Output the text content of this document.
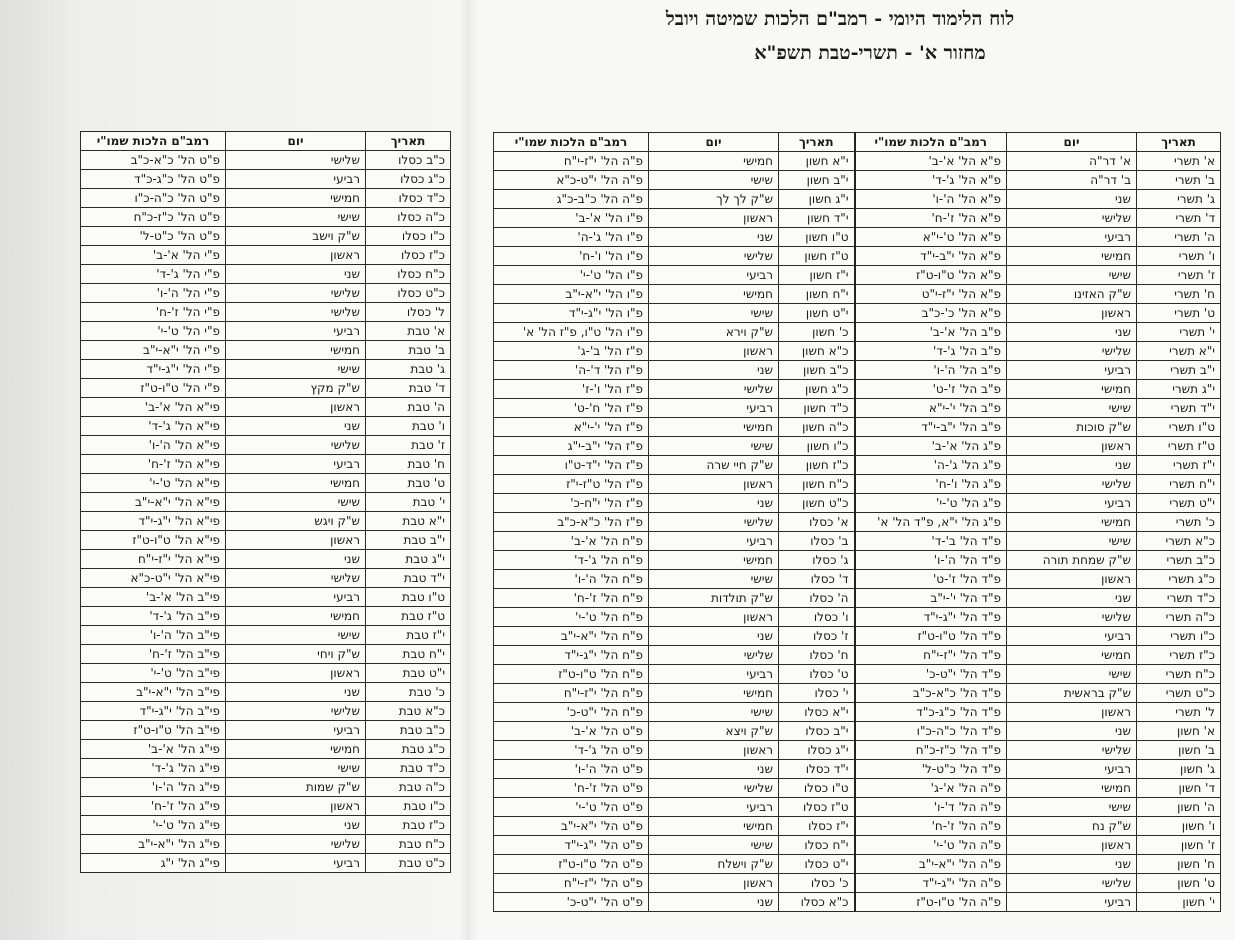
לוח הלימוד היומי - רמב"ם הלכות שמיטה ויובל
מחזור א' - תשרי-טבת תשפ"א
תאריך	יום	רמב"ם הלכות שמו"י
כ"ב כסלו	שלישי	פ"ט הל' כ"א-כ"ב
כ"ג כסלו	רביעי	פ"ט הל' כ"ג-כ"ד
כ"ד כסלו	חמישי	פ"ט הל' כ"ה-כ"ו
כ"ה כסלו	שישי	פ"ט הל' כ"ז-כ"ח
כ"ו כסלו	ש"ק וישב	פ"ט הל' כ"ט-ל'
כ"ז כסלו	ראשון	פ"י הל' א'-ב'
כ"ח כסלו	שני	פ"י הל' ג'-ד'
כ"ט כסלו	שלישי	פ"י הל' ה'-ו'
ל' כסלו	שלישי	פ"י הל' ז'-ח'
א' טבת	רביעי	פ"י הל' ט'-י'
ב' טבת	חמישי	פ"י הל' י"א-י"ב
ג' טבת	שישי	פ"י הל' י"ג-י"ד
ד' טבת	ש"ק מקץ	פ"י הל' ט"ו-ט"ז
ה' טבת	ראשון	פי"א הל' א'-ב'
ו' טבת	שני	פי"א הל' ג'-ד'
ז' טבת	שלישי	פי"א הל' ה'-ו'
ח' טבת	רביעי	פי"א הל' ז'-ח'
ט' טבת	חמישי	פי"א הל' ט'-י'
י' טבת	שישי	פי"א הל' י"א-י"ב
י"א טבת	ש"ק ויגש	פי"א הל' י"ג-י"ד
י"ב טבת	ראשון	פי"א הל' ט"ו-ט"ז
י"ג טבת	שני	פי"א הל' י"ז-י"ח
י"ד טבת	שלישי	פי"א הל' י"ט-כ"א
ט"ו טבת	רביעי	פי"ב הל' א'-ב'
ט"ז טבת	חמישי	פי"ב הל' ג'-ד'
י"ז טבת	שישי	פי"ב הל' ה'-ו'
י"ח טבת	ש"ק ויחי	פי"ב הל' ז'-ח'
י"ט טבת	ראשון	פי"ב הל' ט'-י'
כ' טבת	שני	פי"ב הל' י"א-י"ב
כ"א טבת	שלישי	פי"ב הל' י"ג-י"ד
כ"ב טבת	רביעי	פי"ב הל' ט"ו-ט"ז
כ"ג טבת	חמישי	פי"ג הל' א'-ב'
כ"ד טבת	שישי	פי"ג הל' ג'-ד'
כ"ה טבת	ש"ק שמות	פי"ג הל' ה'-ו'
כ"ו טבת	ראשון	פי"ג הל' ז'-ח'
כ"ז טבת	שני	פי"ג הל' ט'-י'
כ"ח טבת	שלישי	פי"ג הל' י"א-י"ב
כ"ט טבת	רביעי	פי"ג הל' י"ג
תאריך	יום	רמב"ם הלכות שמו"י	תאריך	יום	רמב"ם הלכות שמו"י
א' תשרי	א' דר"ה	פ"א הל' א'-ב'	י"א חשון	חמישי	פ"ה הל' י"ז-י"ח
ב' תשרי	ב' דר"ה	פ"א הל' ג'-ד'	י"ב חשון	שישי	פ"ה הל' י"ט-כ"א
ג' תשרי	שני	פ"א הל' ה'-ו'	י"ג חשון	ש"ק לך לך	פ"ה הל' כ"ב-כ"ג
ד' תשרי	שלישי	פ"א הל' ז'-ח'	י"ד חשון	ראשון	פ"ו הל' א'-ב'
ה' תשרי	רביעי	פ"א הל' ט'-י"א	ט"ו חשון	שני	פ"ו הל' ג'-ה'
ו' תשרי	חמישי	פ"א הל' י"ב-י"ד	ט"ז חשון	שלישי	פ"ו הל' ו'-ח'
ז' תשרי	שישי	פ"א הל' ט"ו-ט"ז	י"ז חשון	רביעי	פ"ו הל' ט'-י'
ח' תשרי	ש"ק האזינו	פ"א הל' י"ז-י"ט	י"ח חשון	חמישי	פ"ו הל' י"א-י"ב
ט' תשרי	ראשון	פ"א הל' כ'-כ"ב	י"ט חשון	שישי	פ"ו הל' י"ג-י"ד
י' תשרי	שני	פ"ב הל' א'-ב'	כ' חשון	ש"ק וירא	פ"ו הל' ט"ו, פ"ז הל' א'
י"א תשרי	שלישי	פ"ב הל' ג'-ד'	כ"א חשון	ראשון	פ"ז הל' ב'-ג'
י"ב תשרי	רביעי	פ"ב הל' ה'-ו'	כ"ב חשון	שני	פ"ז הל' ד'-ה'
י"ג תשרי	חמישי	פ"ב הל' ז'-ט'	כ"ג חשון	שלישי	פ"ז הל' ו'-ז'
י"ד תשרי	שישי	פ"ב הל' י'-י"א	כ"ד חשון	רביעי	פ"ז הל' ח'-ט'
ט"ו תשרי	ש"ק סוכות	פ"ב הל' י"ב-י"ד	כ"ה חשון	חמישי	פ"ז הל' י'-י"א
ט"ז תשרי	ראשון	פ"ג הל' א'-ב'	כ"ו חשון	שישי	פ"ז הל' י"ב-י"ג
י"ז תשרי	שני	פ"ג הל' ג'-ה'	כ"ז חשון	ש"ק חיי שרה	פ"ז הל' י"ד-ט"ו
י"ח תשרי	שלישי	פ"ג הל' ו'-ח'	כ"ח חשון	ראשון	פ"ז הל' ט"ז-י"ז
י"ט תשרי	רביעי	פ"ג הל' ט'-י'	כ"ט חשון	שני	פ"ז הל' י"ח-כ'
כ' תשרי	חמישי	פ"ג הל' י"א, פ"ד הל' א'	א' כסלו	שלישי	פ"ז הל' כ"א-כ"ב
כ"א תשרי	שישי	פ"ד הל' ב'-ד'	ב' כסלו	רביעי	פ"ח הל' א'-ב'
כ"ב תשרי	ש"ק שמחת תורה	פ"ד הל' ה'-ו'	ג' כסלו	חמישי	פ"ח הל' ג'-ד'
כ"ג תשרי	ראשון	פ"ד הל' ז'-ט'	ד' כסלו	שישי	פ"ח הל' ה'-ו'
כ"ד תשרי	שני	פ"ד הל' י'-י"ב	ה' כסלו	ש"ק תולדות	פ"ח הל' ז'-ח'
כ"ה תשרי	שלישי	פ"ד הל' י"ג-י"ד	ו' כסלו	ראשון	פ"ח הל' ט'-י'
כ"ו תשרי	רביעי	פ"ד הל' ט"ו-ט"ז	ז' כסלו	שני	פ"ח הל' י"א-י"ב
כ"ז תשרי	חמישי	פ"ד הל' י"ז-י"ח	ח' כסלו	שלישי	פ"ח הל' י"ג-י"ד
כ"ח תשרי	שישי	פ"ד הל' י"ט-כ'	ט' כסלו	רביעי	פ"ח הל' ט"ו-ט"ז
כ"ט תשרי	ש"ק בראשית	פ"ד הל' כ"א-כ"ב	י' כסלו	חמישי	פ"ח הל' י"ז-י"ח
ל' תשרי	ראשון	פ"ד הל' כ"ג-כ"ד	י"א כסלו	שישי	פ"ח הל' י"ט-כ'
א' חשון	שני	פ"ד הל' כ"ה-כ"ו	י"ב כסלו	ש"ק ויצא	פ"ט הל' א'-ב'
ב' חשון	שלישי	פ"ד הל' כ"ז-כ"ח	י"ג כסלו	ראשון	פ"ט הל' ג'-ד'
ג' חשון	רביעי	פ"ד הל' כ"ט-ל'	י"ד כסלו	שני	פ"ט הל' ה'-ו'
ד' חשון	חמישי	פ"ה הל' א'-ג'	ט"ו כסלו	שלישי	פ"ט הל' ז'-ח'
ה' חשון	שישי	פ"ה הל' ד'-ו'	ט"ז כסלו	רביעי	פ"ט הל' ט'-י'
ו' חשון	ש"ק נח	פ"ה הל' ז'-ח'	י"ז כסלו	חמישי	פ"ט הל' י"א-י"ב
ז' חשון	ראשון	פ"ה הל' ט'-י'	י"ח כסלו	שישי	פ"ט הל' י"ג-י"ד
ח' חשון	שני	פ"ה הל' י"א-י"ב	י"ט כסלו	ש"ק וישלח	פ"ט הל' ט"ו-ט"ז
ט' חשון	שלישי	פ"ה הל' י"ג-י"ד	כ' כסלו	ראשון	פ"ט הל' י"ז-י"ח
י' חשון	רביעי	פ"ה הל' ט"ו-ט"ז	כ"א כסלו	שני	פ"ט הל' י"ט-כ'
